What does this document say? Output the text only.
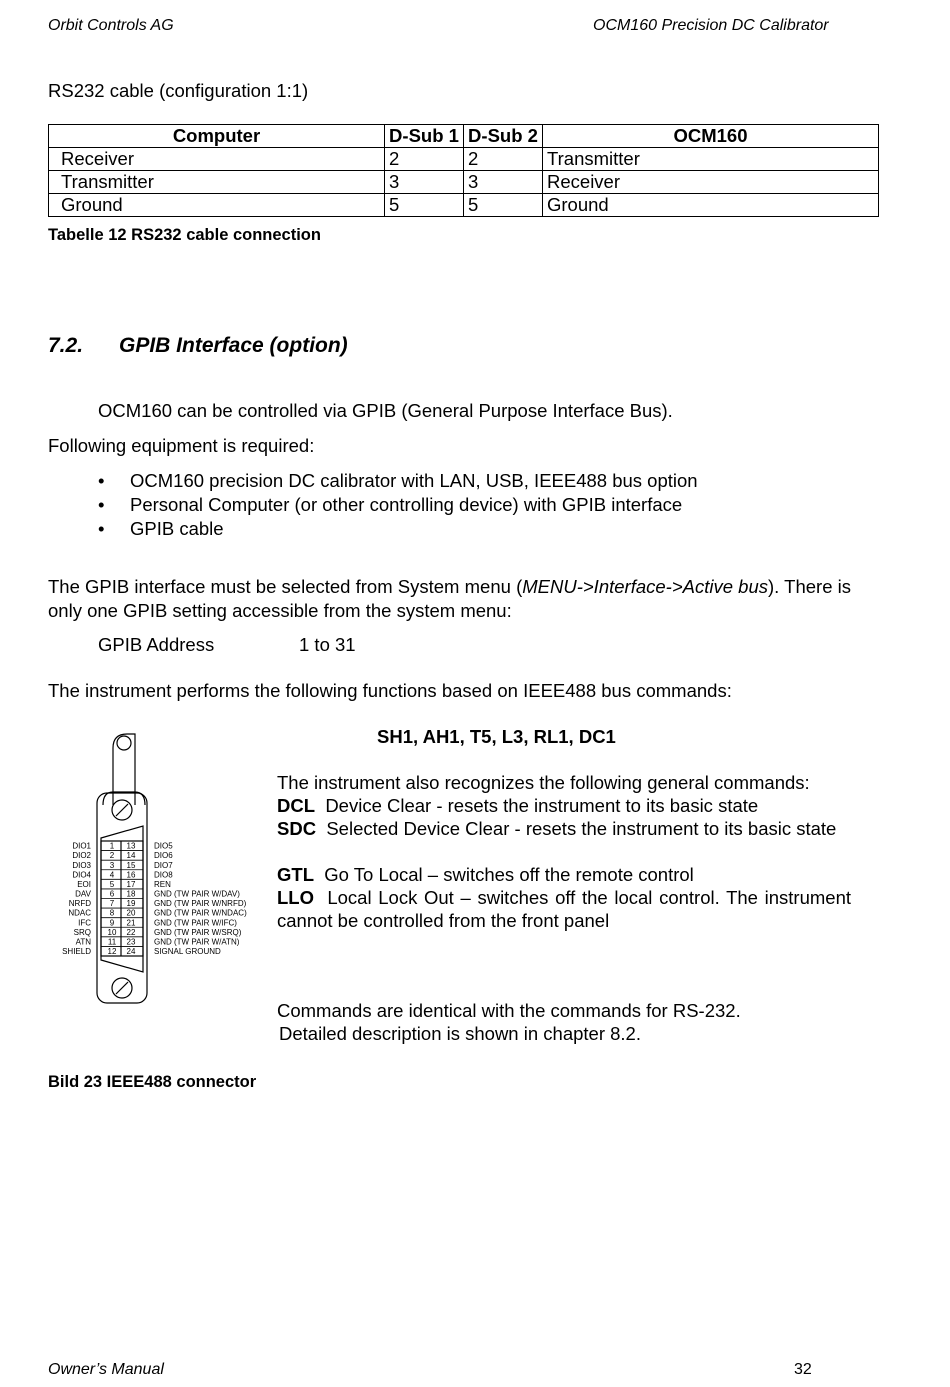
Orbit Controls AG	OCM160 Precision DC Calibrator
RS232 cable (configuration 1:1)
Computer	D-Sub 1	D-Sub 2	OCM160
Receiver	2	2	Transmitter
Transmitter	3	3	Receiver
Ground	5	5	Ground
Tabelle 12 RS232 cable connection
7.2. GPIB Interface (option)
OCM160 can be controlled via GPIB (General Purpose Interface Bus).
Following equipment is required:
• OCM160 precision DC calibrator with LAN, USB, IEEE488 bus option
• Personal Computer (or other controlling device) with GPIB interface
• GPIB cable
The GPIB interface must be selected from System menu (MENU->Interface->Active bus). There is only one GPIB setting accessible from the system menu:
GPIB Address	1 to 31
The instrument performs the following functions based on IEEE488 bus commands:
SH1, AH1, T5, L3, RL1, DC1
The instrument also recognizes the following general commands:
DCL Device Clear - resets the instrument to its basic state
SDC Selected Device Clear - resets the instrument to its basic state
GTL Go To Local – switches off the remote control
LLO Local Lock Out – switches off the local control. The instrument cannot be controlled from the front panel
Commands are identical with the commands for RS-232.
Detailed description is shown in chapter 8.2.
DIO1 1 13 DIO5
DIO2 2 14 DIO6
DIO3 3 15 DIO7
DIO4 4 16 DIO8
EOI 5 17 REN
DAV 6 18 GND (TW PAIR W/DAV)
NRFD 7 19 GND (TW PAIR W/NRFD)
NDAC 8 20 GND (TW PAIR W/NDAC)
IFC 9 21 GND (TW PAIR W/IFC)
SRQ 10 22 GND (TW PAIR W/SRQ)
ATN 11 23 GND (TW PAIR W/ATN)
SHIELD 12 24 SIGNAL GROUND
Bild 23 IEEE488 connector
Owner’s Manual	32
